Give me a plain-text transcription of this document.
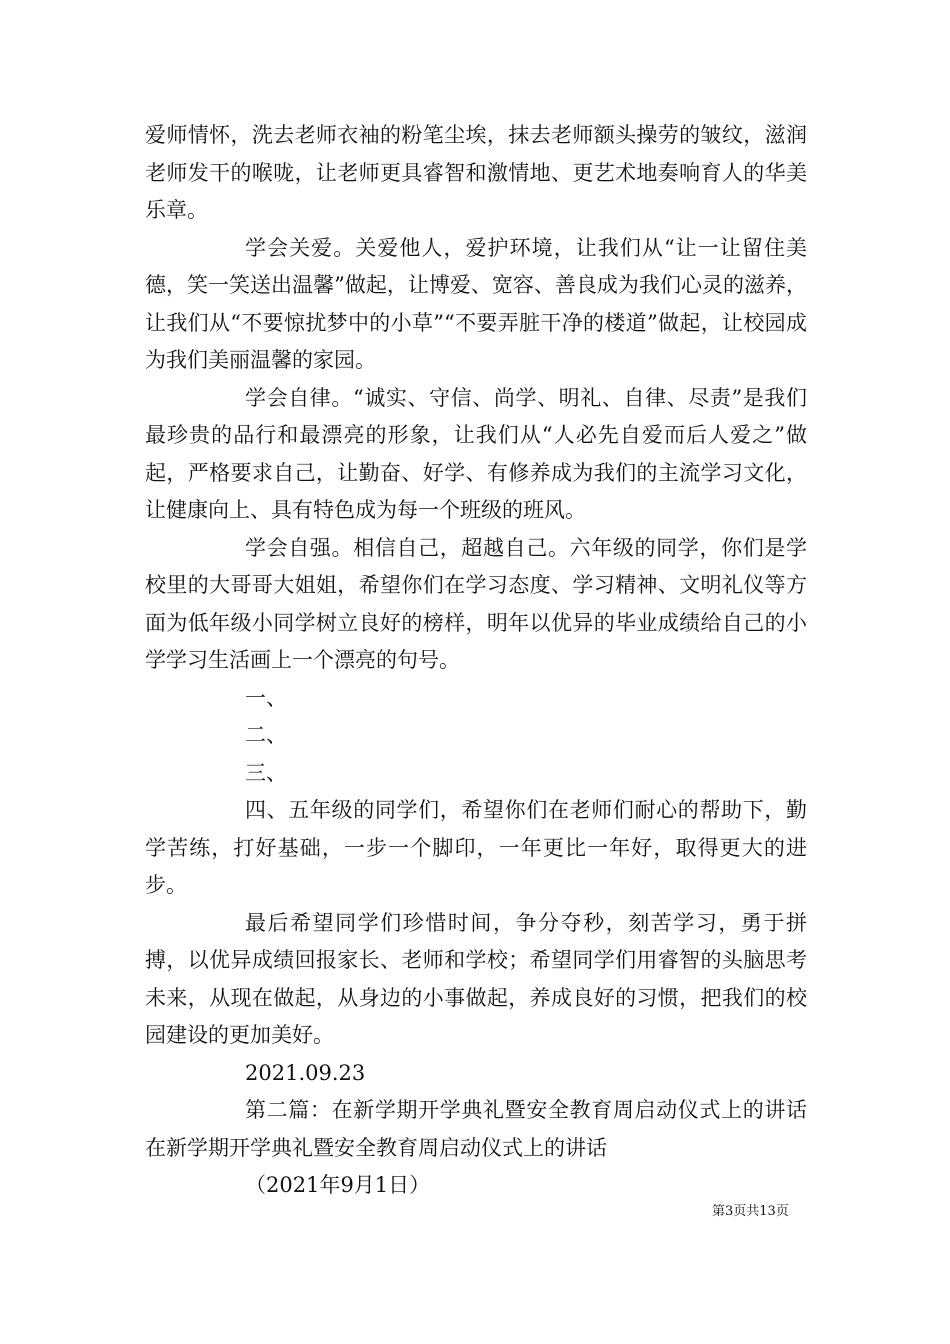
爱师情怀，洗去老师衣袖的粉笔尘埃，抹去老师额头操劳的皱纹，滋润老师发干的喉咙，让老师更具睿智和激情地、更艺术地奏响育人的华美乐章。

学会关爱。关爱他人，爱护环境，让我们从“让一让留住美德，笑一笑送出温馨”做起，让博爱、宽容、善良成为我们心灵的滋养，让我们从“不要惊扰梦中的小草”“不要弄脏干净的楼道”做起，让校园成为我们美丽温馨的家园。

学会自律。“诚实、守信、尚学、明礼、自律、尽责”是我们最珍贵的品行和最漂亮的形象，让我们从“人必先自爱而后人爱之”做起，严格要求自己，让勤奋、好学、有修养成为我们的主流学习文化，让健康向上、具有特色成为每一个班级的班风。

学会自强。相信自己，超越自己。六年级的同学，你们是学校里的大哥哥大姐姐，希望你们在学习态度、学习精神、文明礼仪等方面为低年级小同学树立良好的榜样，明年以优异的毕业成绩给自己的小学学习生活画上一个漂亮的句号。

一、

二、

三、

四、五年级的同学们，希望你们在老师们耐心的帮助下，勤学苦练，打好基础，一步一个脚印，一年更比一年好，取得更大的进步。

最后希望同学们珍惜时间，争分夺秒，刻苦学习，勇于拼搏，以优异成绩回报家长、老师和学校；希望同学们用睿智的头脑思考未来，从现在做起，从身边的小事做起，养成良好的习惯，把我们的校园建设的更加美好。

2021.09.23

第二篇：在新学期开学典礼暨安全教育周启动仪式上的讲话在新学期开学典礼暨安全教育周启动仪式上的讲话

（2021年9月1日）

第3页共13页
